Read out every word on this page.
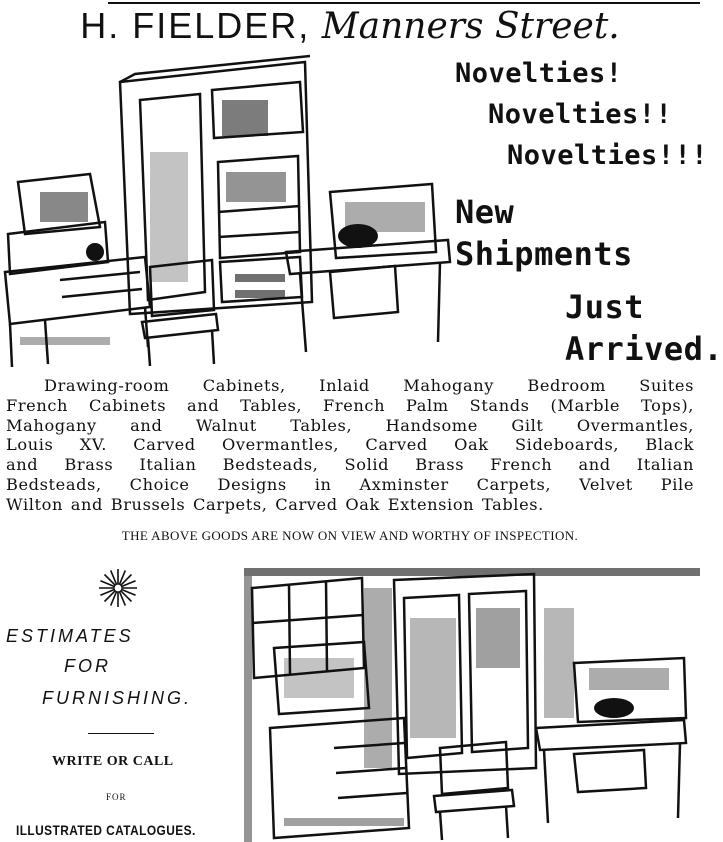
H. FIELDER, Manners Street.
Novelties!
Novelties!!
Novelties!!!
New
Shipments
Just
Arrived.

Drawing-room Cabinets, Inlaid Mahogany Bedroom Suites

French Cabinets and Tables, French Palm Stands (Marble Tops),

Mahogany and Walnut Tables, Handsome Gilt Overmantles,

Louis XV. Carved Overmantles, Carved Oak Sideboards, Black

and Brass Italian Bedsteads, Solid Brass French and Italian

Bedsteads, Choice Designs in Axminster Carpets, Velvet Pile

Wilton and Brussels Carpets, Carved Oak Extension Tables.

THE ABOVE GOODS ARE NOW ON VIEW AND WORTHY OF INSPECTION.
ESTIMATES
FOR
FURNISHING.
WRITE OR CALL
FOR
ILLUSTRATED CATALOGUES.
